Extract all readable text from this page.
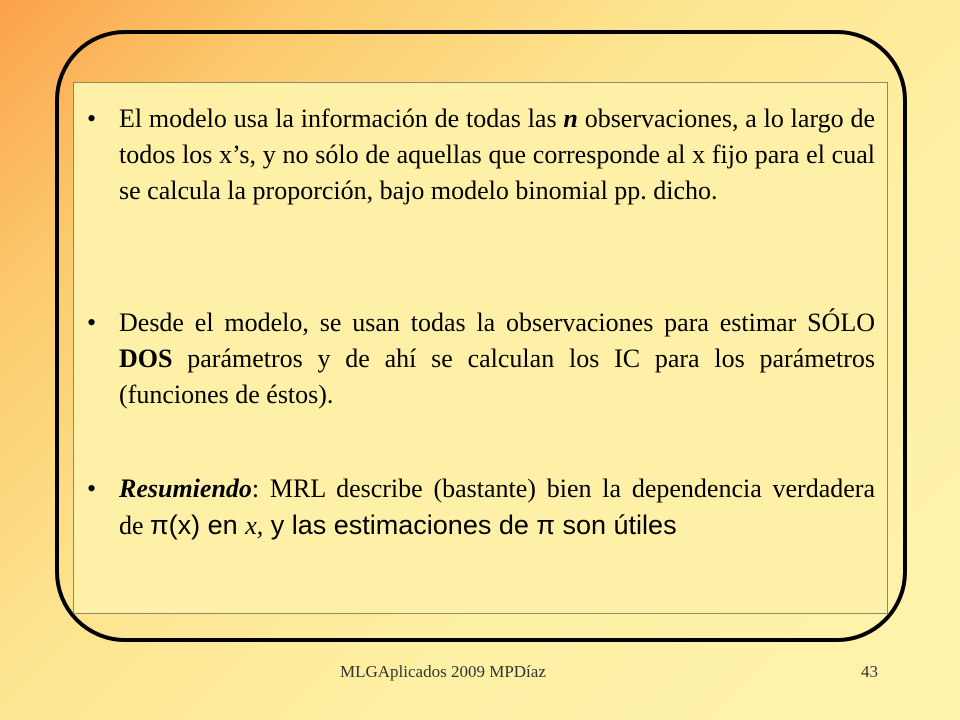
• El modelo usa la información de todas las n observaciones, a lo largo de todos los x’s, y no sólo de aquellas que corresponde al x fijo para el cual se calcula la proporción, bajo modelo binomial pp. dicho.
• Desde el modelo, se usan todas la observaciones para estimar SÓLO DOS parámetros y de ahí se calculan los IC para los parámetros (funciones de éstos).
• Resumiendo: MRL describe (bastante) bien la dependencia verdadera de π(x) en x, y las estimaciones de π son útiles
MLGAplicados 2009 MPDíaz	43
